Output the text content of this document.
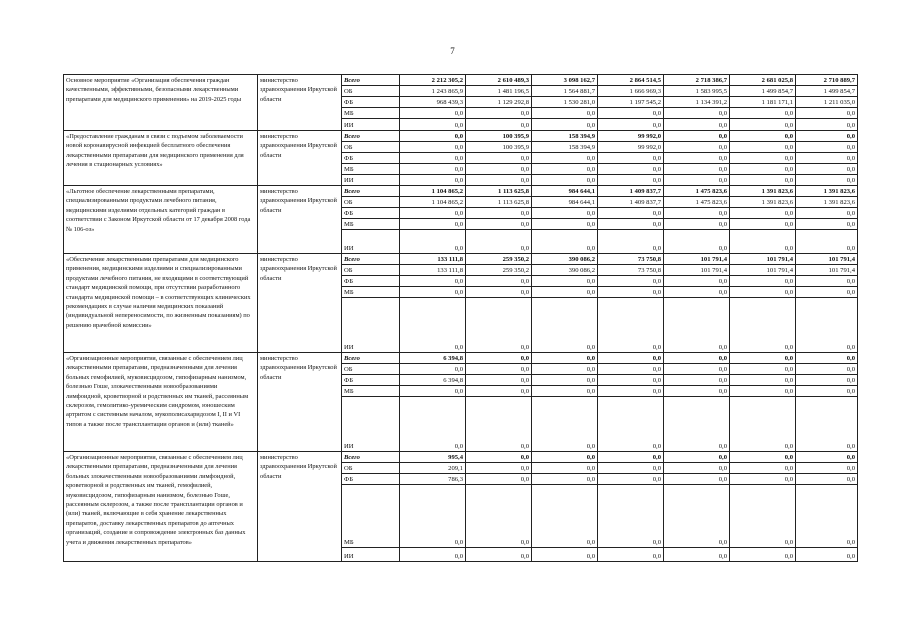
7
Основное мероприятие «Организация обеспечения граждан качественными, эффективными, безопасными лекарственными препаратами для медицинского применения» на 2019-2025 годы	министерство здравоохранения Иркутской области	Всего	2 212 305,2	2 610 489,3	3 098 162,7	2 864 514,5	2 718 386,7	2 681 025,8	2 710 889,7
		ОБ	1 243 865,9	1 481 196,5	1 564 881,7	1 666 969,3	1 583 995,5	1 499 854,7	1 499 854,7
		ФБ	968 439,3	1 129 292,8	1 530 281,0	1 197 545,2	1 134 391,2	1 181 171,1	1 211 035,0
		МБ	0,0	0,0	0,0	0,0	0,0	0,0	0,0
		ИИ	0,0	0,0	0,0	0,0	0,0	0,0	0,0
«Предоставление гражданам в связи с подъемом заболеваемости новой коронавирусной инфекцией бесплатного обеспечения лекарственными препаратами для медицинского применения для лечения в стационарных условиях»	министерство здравоохранения Иркутской области	Всего	0,0	100 395,9	158 394,9	99 992,0	0,0	0,0	0,0
		ОБ	0,0	100 395,9	158 394,9	99 992,0	0,0	0,0	0,0
		ФБ	0,0	0,0	0,0	0,0	0,0	0,0	0,0
		МБ	0,0	0,0	0,0	0,0	0,0	0,0	0,0
		ИИ	0,0	0,0	0,0	0,0	0,0	0,0	0,0
«Льготное обеспечение лекарственными препаратами, специализированными продуктами лечебного питания, медицинскими изделиями отдельных категорий граждан в соответствии с Законом Иркутской области от 17 декабря 2008 года № 106-оз»	министерство здравоохранения Иркутской области	Всего	1 104 865,2	1 113 625,8	984 644,1	1 409 837,7	1 475 823,6	1 391 823,6	1 391 823,6
		ОБ	1 104 865,2	1 113 625,8	984 644,1	1 409 837,7	1 475 823,6	1 391 823,6	1 391 823,6
		ФБ	0,0	0,0	0,0	0,0	0,0	0,0	0,0
		МБ	0,0	0,0	0,0	0,0	0,0	0,0	0,0
		ИИ	0,0	0,0	0,0	0,0	0,0	0,0	0,0
«Обеспечение лекарственными препаратами для медицинского применения, медицинскими изделиями и специализированными продуктами лечебного питания, не входящими в соответствующий стандарт медицинской помощи, при отсутствии разработанного стандарта медицинской помощи – в соответствующих клинических рекомендациях в случае наличия медицинских показаний (индивидуальной непереносимости, по жизненным показаниям) по решению врачебной комиссии»	министерство здравоохранения Иркутской области	Всего	133 111,8	259 350,2	390 086,2	73 750,8	101 791,4	101 791,4	101 791,4
		ОБ	133 111,8	259 350,2	390 086,2	73 750,8	101 791,4	101 791,4	101 791,4
		ФБ	0,0	0,0	0,0	0,0	0,0	0,0	0,0
		МБ	0,0	0,0	0,0	0,0	0,0	0,0	0,0
		ИИ	0,0	0,0	0,0	0,0	0,0	0,0	0,0
«Организационные мероприятия, связанные с обеспечением лиц лекарственными препаратами, предназначенными для лечения больных гемофилией, муковисцидозом, гипофизарным нанизмом, болезнью Гоше, злокачественными новообразованиями лимфоидной, кроветворной и родственных им тканей, рассеянным склерозом, гемолитико-уремическим синдромом, юношеским артритом с системным началом, мукополисахаридозом I, II и VI типов а также после трансплантации органов и (или) тканей»	министерство здравоохранения Иркутской области	Всего	6 394,8	0,0	0,0	0,0	0,0	0,0	0,0
		ОБ	0,0	0,0	0,0	0,0	0,0	0,0	0,0
		ФБ	6 394,8	0,0	0,0	0,0	0,0	0,0	0,0
		МБ	0,0	0,0	0,0	0,0	0,0	0,0	0,0
		ИИ	0,0	0,0	0,0	0,0	0,0	0,0	0,0
«Организационные мероприятия, связанные с обеспечением лиц лекарственными препаратами, предназначенными для лечения больных злокачественными новообразованиями лимфоидной, кроветворной и родственных им тканей, гемофилией, муковисцидозом, гипофизарным нанизмом, болезнью Гоше, рассеянным склерозом, а также после трансплантации органов и (или) тканей, включающие в себя хранение лекарственных препаратов, доставку лекарственных препаратов до аптечных организаций, создание и сопровождение электронных баз данных учета и движения лекарственных препаратов»	министерство здравоохранения Иркутской области	Всего	995,4	0,0	0,0	0,0	0,0	0,0	0,0
		ОБ	209,1	0,0	0,0	0,0	0,0	0,0	0,0
		ФБ	786,3	0,0	0,0	0,0	0,0	0,0	0,0
		МБ	0,0	0,0	0,0	0,0	0,0	0,0	0,0
		ИИ	0,0	0,0	0,0	0,0	0,0	0,0	0,0
